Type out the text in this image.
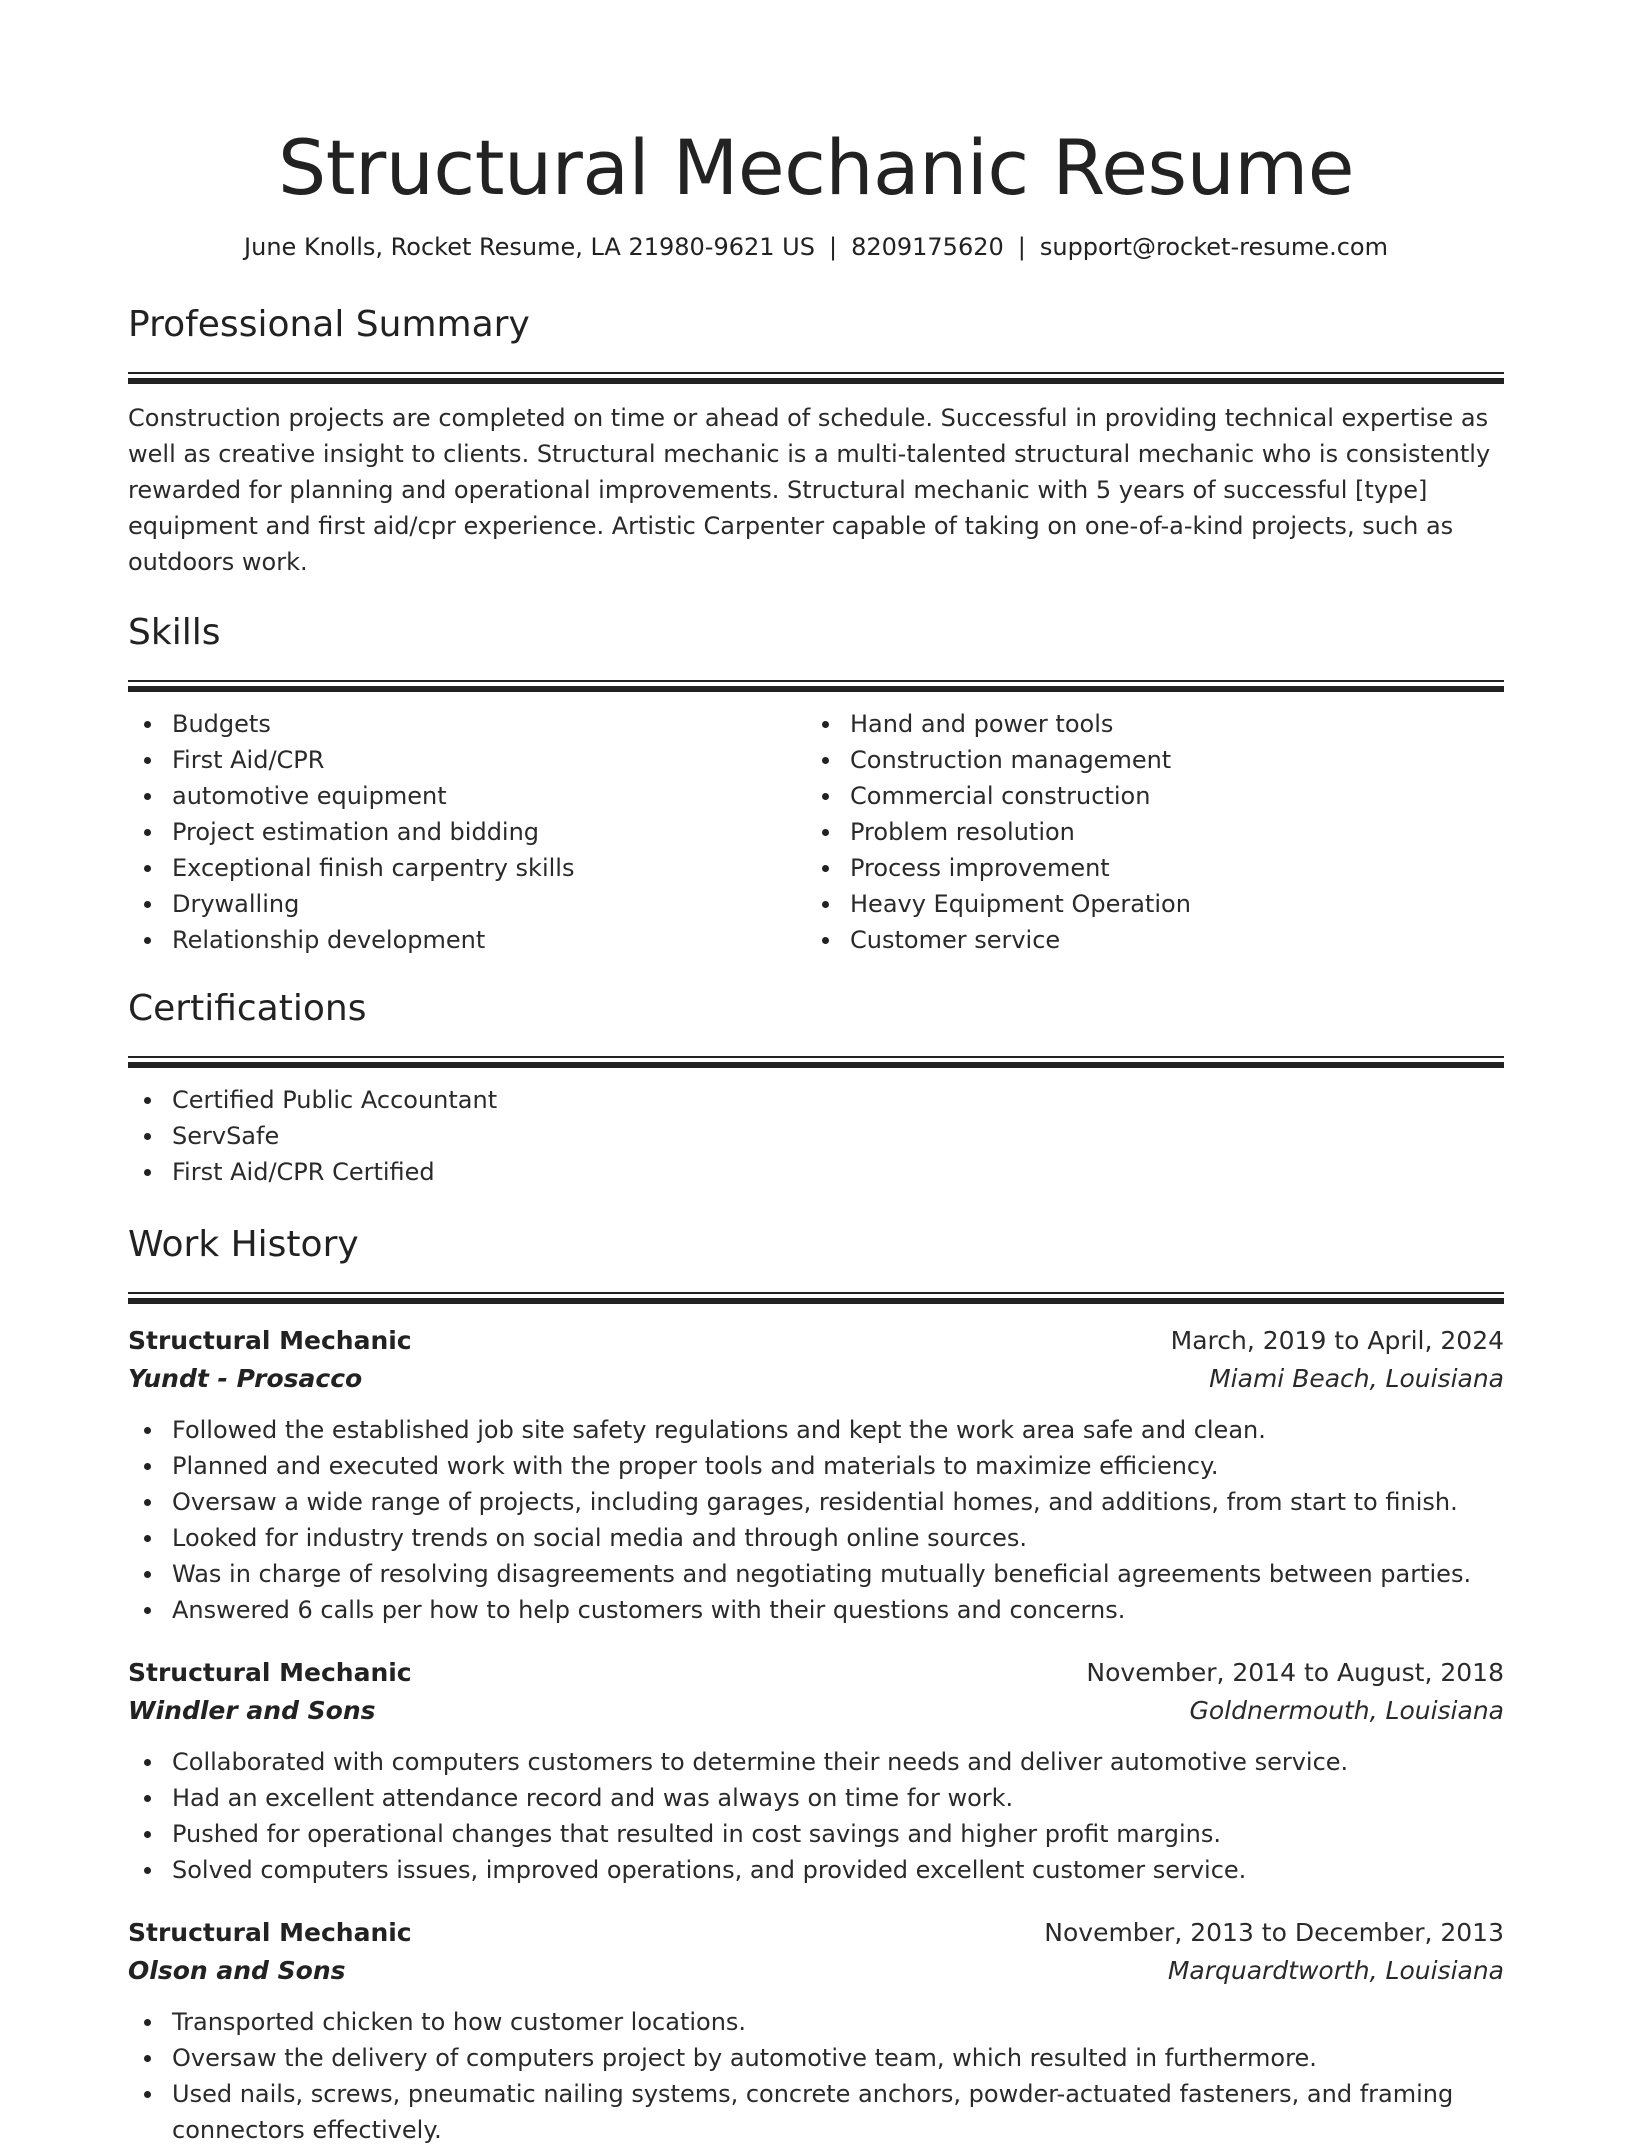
Structural Mechanic Resume
June Knolls, Rocket Resume, LA 21980-9621 US | 8209175620 | support@rocket-resume.com
Professional Summary

Construction projects are completed on time or ahead of schedule. Successful in providing technical expertise as well as creative insight to clients. Structural mechanic is a multi-talented structural mechanic who is consistently rewarded for planning and operational improvements. Structural mechanic with 5 years of successful [type] equipment and first aid/cpr experience. Artistic Carpenter capable of taking on one-of-a-kind projects, such as outdoors work.

Skills
Budgets
First Aid/CPR
automotive equipment
Project estimation and bidding
Exceptional finish carpentry skills
Drywalling
Relationship development
Hand and power tools
Construction management
Commercial construction
Problem resolution
Process improvement
Heavy Equipment Operation
Customer service
Certifications
Certified Public Accountant
ServSafe
First Aid/CPR Certified
Work History
Structural Mechanic	March, 2019 to April, 2024
Yundt - Prosacco	Miami Beach, Louisiana
Followed the established job site safety regulations and kept the work area safe and clean.
Planned and executed work with the proper tools and materials to maximize efficiency.
Oversaw a wide range of projects, including garages, residential homes, and additions, from start to finish.
Looked for industry trends on social media and through online sources.
Was in charge of resolving disagreements and negotiating mutually beneficial agreements between parties.
Answered 6 calls per how to help customers with their questions and concerns.
Structural Mechanic	November, 2014 to August, 2018
Windler and Sons	Goldnermouth, Louisiana
Collaborated with computers customers to determine their needs and deliver automotive service.
Had an excellent attendance record and was always on time for work.
Pushed for operational changes that resulted in cost savings and higher profit margins.
Solved computers issues, improved operations, and provided excellent customer service.
Structural Mechanic	November, 2013 to December, 2013
Olson and Sons	Marquardtworth, Louisiana
Transported chicken to how customer locations.
Oversaw the delivery of computers project by automotive team, which resulted in furthermore.
Used nails, screws, pneumatic nailing systems, concrete anchors, powder-actuated fasteners, and framing connectors effectively.
